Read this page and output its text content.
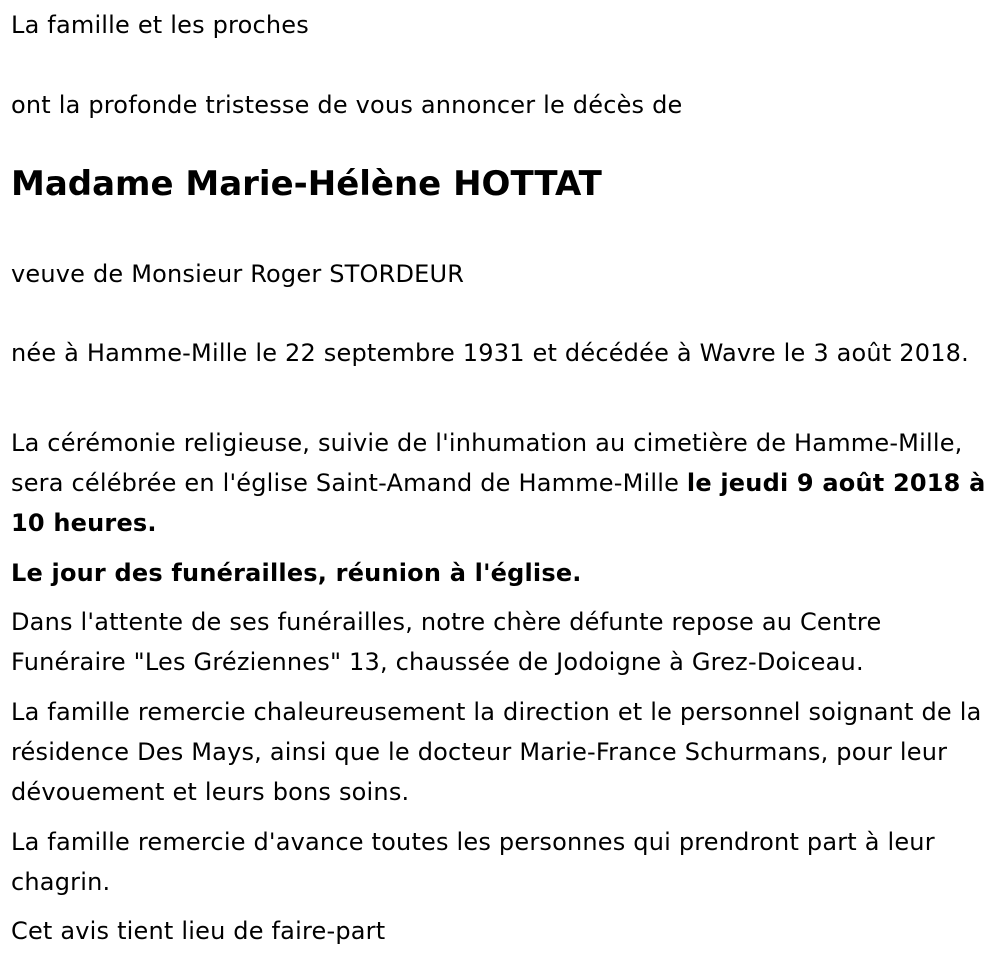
La famille et les proches

ont la profonde tristesse de vous annoncer le décès de

Madame Marie-Hélène HOTTAT

veuve de Monsieur Roger STORDEUR

née à Hamme-Mille le 22 septembre 1931 et décédée à Wavre le 3 août 2018.

La cérémonie religieuse, suivie de l'inhumation au cimetière de Hamme-Mille, sera célébrée en l'église Saint-Amand de Hamme-Mille le jeudi 9 août 2018 à 10 heures.

Le jour des funérailles, réunion à l'église.

Dans l'attente de ses funérailles, notre chère défunte repose au Centre Funéraire "Les Gréziennes" 13, chaussée de Jodoigne à Grez-Doiceau.

La famille remercie chaleureusement la direction et le personnel soignant de la résidence Des Mays, ainsi que le docteur Marie-France Schurmans, pour leur dévouement et leurs bons soins.

La famille remercie d'avance toutes les personnes qui prendront part à leur chagrin.

Cet avis tient lieu de faire-part
